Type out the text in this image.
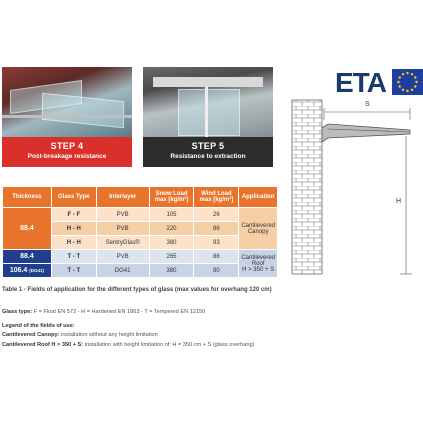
STEP 4
Post-breakage resistance
STEP 5
Resistance to extraction
ETA
S
H
Thickness	Glass Type	Interlayer	Snow Load max [kg/m²]	Wind Load max [kg/m²]	Application
88.4	F - F	PVB	105	26	Cantilevered Canopy
	H - H	PVB	220	86	
	H - H	SentryGlas®	380	93	
88.4	T - T	PVB	265	86	Cantilevered Roof
H > 350 + S

106.4 (DG41)	T - T	DG41	380	80	
Table 1 - Fields of application for the different types of glass (max values for overhang 120 cm)
Glass type: F = Float EN 572 - H = Hardened EN 1863 - T = Tempered EN 12150
Legend of the fields of use:
Cantilevered Canopy: installation without any height limitation
Cantilevered Roof H > 350 + S: installation with height limitation of: H = 350 cm + S (glass overhang)
